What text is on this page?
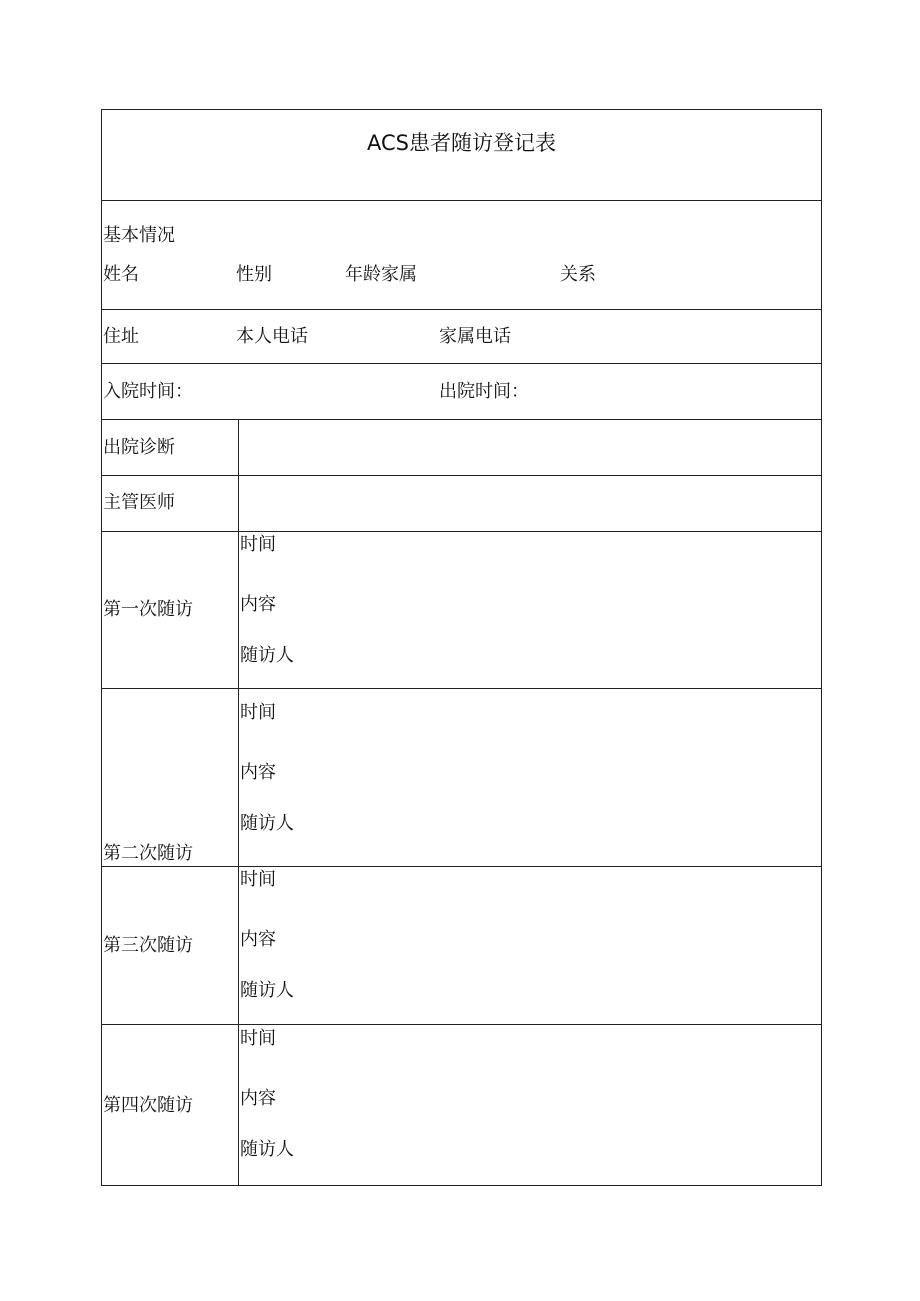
ACS患者随访登记表
基本情况
姓名	性别	年龄家属	关系
住址	本人电话	家属电话
入院时间：	出院时间：
出院诊断
主管医师
第一次随访
时间
内容
随访人
第二次随访
时间
内容
随访人
第三次随访
时间
内容
随访人
第四次随访
时间
内容
随访人
